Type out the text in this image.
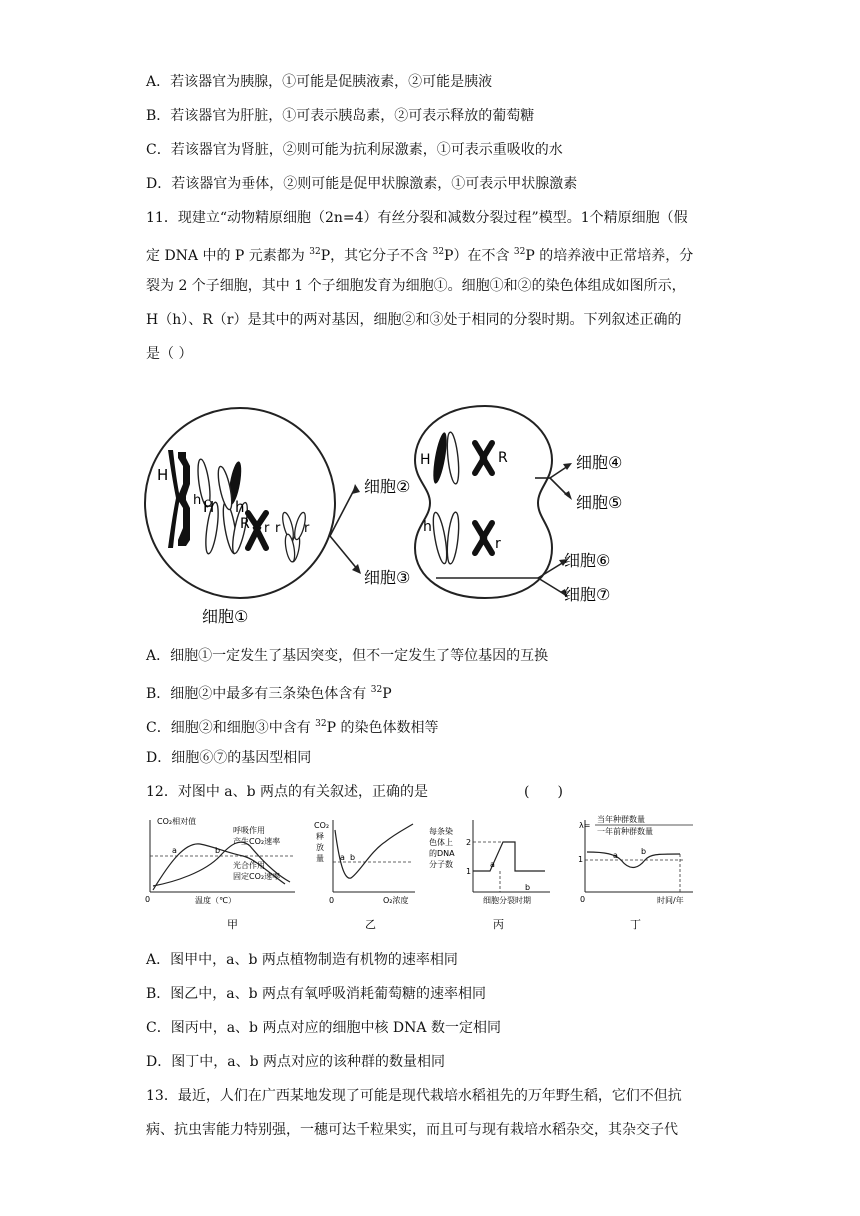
A．若该器官为胰腺，①可能是促胰液素，②可能是胰液
B．若该器官为肝脏，①可表示胰岛素，②可表示释放的葡萄糖
C．若该器官为肾脏，②则可能为抗利尿激素，①可表示重吸收的水
D．若该器官为垂体，②则可能是促甲状腺激素，①可表示甲状腺激素
11．现建立“动物精原细胞（2n=4）有丝分裂和减数分裂过程”模型。1个精原细胞（假
定 DNA 中的 P 元素都为 $^{32}$P，其它分子不含 $^{32}$P）在不含 $^{32}$P 的培养液中正常培养，分
裂为 2 个子细胞，其中 1 个子细胞发育为细胞①。细胞①和②的染色体组成如图所示，
H（h）、R（r）是其中的两对基因，细胞②和③处于相同的分裂时期。下列叙述正确的
是（ ）
H
h H h
R r r r
细胞①
细胞②
细胞③
H	R
h
r
细胞④
细胞⑤
细胞⑥
细胞⑦
A．细胞①一定发生了基因突变，但不一定发生了等位基因的互换
B．细胞②中最多有三条染色体含有 $^{32}$P
C．细胞②和细胞③中含有 $^{32}$P 的染色体数相等
D．细胞⑥⑦的基因型相同
12．对图中 a、b 两点的有关叙述，正确的是	(　　)
CO₂相对值
a	b
呼吸作用
产生CO₂速率
光合作用
固定CO₂速率
0	温度（℃）
甲
CO₂
释
放
量 a b
0	O₂浓度
乙
每条染
色体上
的DNA
分子数
2
1
a
b
细胞分裂时期
丙
λ=
当年种群数量
一年前种群数量
1	a	b
0	时间/年
丁
A．图甲中，a、b 两点植物制造有机物的速率相同
B．图乙中，a、b 两点有氧呼吸消耗葡萄糖的速率相同
C．图丙中，a、b 两点对应的细胞中核 DNA 数一定相同
D．图丁中，a、b 两点对应的该种群的数量相同
13．最近，人们在广西某地发现了可能是现代栽培水稻祖先的万年野生稻，它们不但抗
病、抗虫害能力特别强，一穗可达千粒果实，而且可与现有栽培水稻杂交，其杂交子代
